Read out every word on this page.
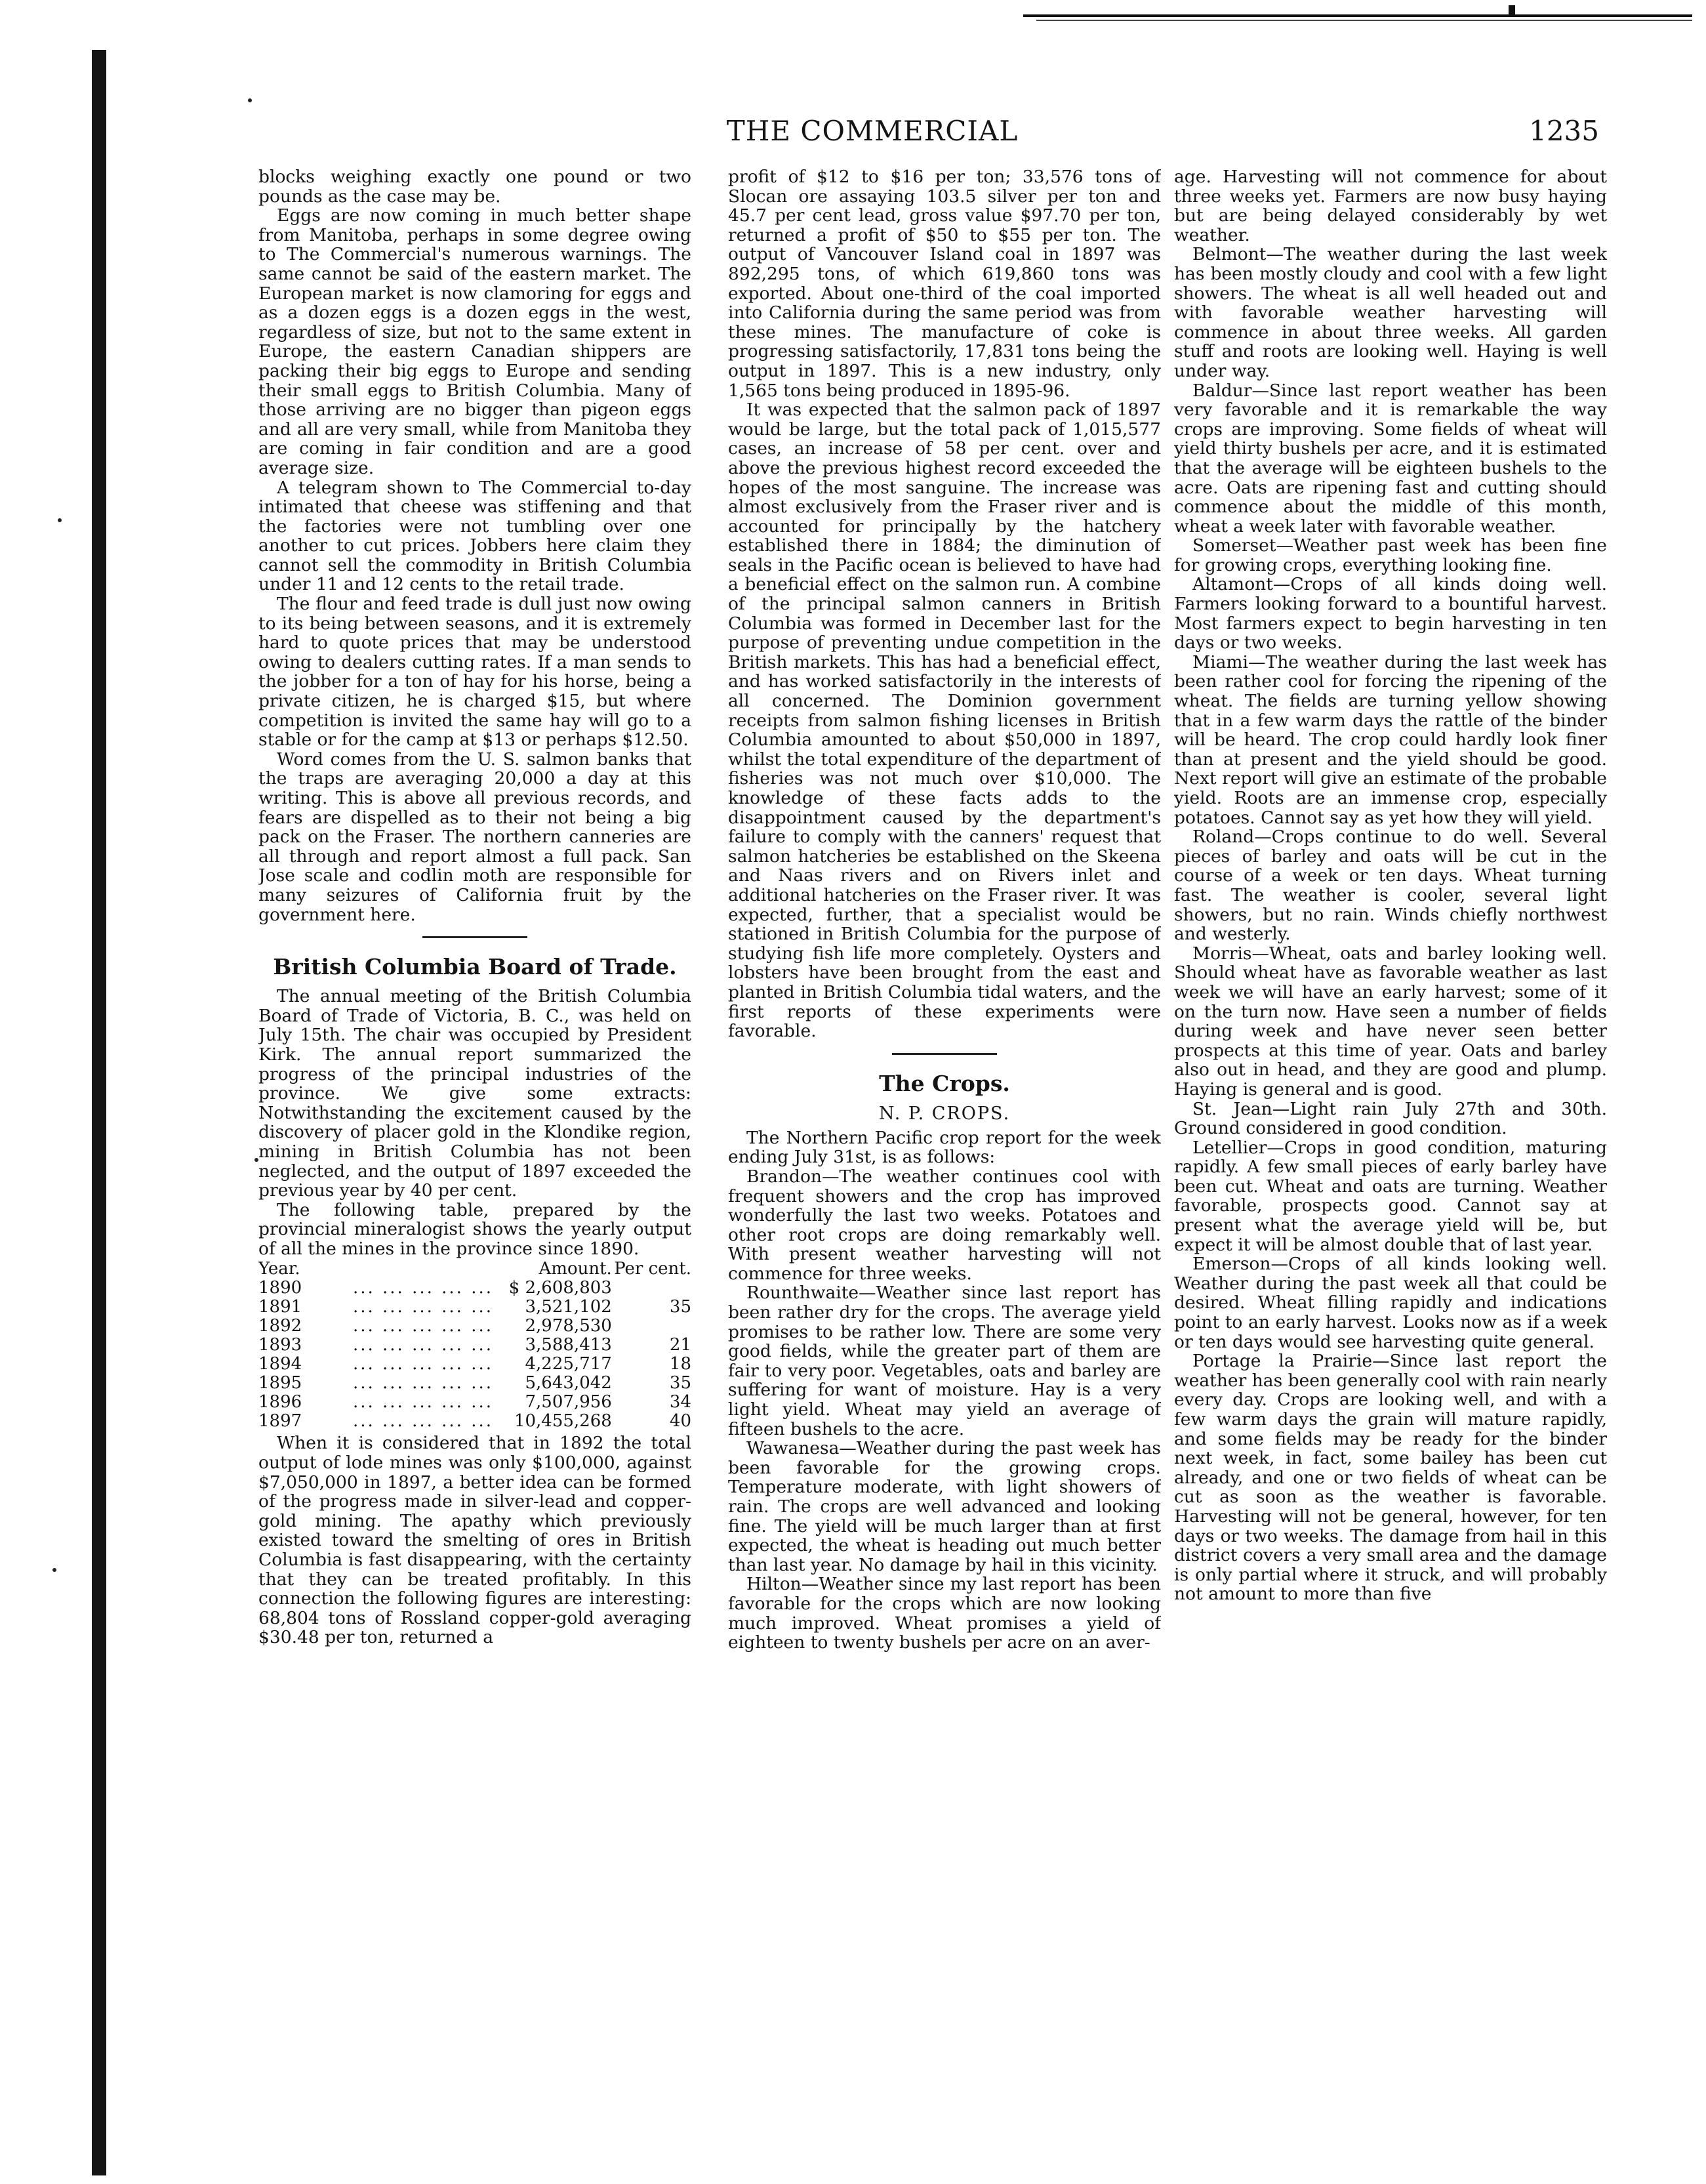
THE COMMERCIAL	1235

blocks weighing exactly one pound or two pounds as the case may be.

Eggs are now coming in much better shape from Manitoba, perhaps in some degree owing to The Commercial's numerous warnings. The same cannot be said of the eastern market. The European market is now clamoring for eggs and as a dozen eggs is a dozen eggs in the west, regardless of size, but not to the same extent in Europe, the eastern Canadian shippers are packing their big eggs to Europe and sending their small eggs to British Columbia. Many of those arriving are no bigger than pigeon eggs and all are very small, while from Manitoba they are coming in fair condition and are a good average size.

A telegram shown to The Commercial to-day intimated that cheese was stiffening and that the factories were not tumbling over one another to cut prices. Jobbers here claim they cannot sell the commodity in British Columbia under 11 and 12 cents to the retail trade.

The flour and feed trade is dull just now owing to its being between seasons, and it is extremely hard to quote prices that may be understood owing to dealers cutting rates. If a man sends to the jobber for a ton of hay for his horse, being a private citizen, he is charged $15, but where competition is invited the same hay will go to a stable or for the camp at $13 or perhaps $12.50.

Word comes from the U. S. salmon banks that the traps are averaging 20,000 a day at this writing. This is above all previous records, and fears are dispelled as to their not being a big pack on the Fraser. The northern canneries are all through and report almost a full pack. San Jose scale and codlin moth are responsible for many seizures of California fruit by the government here.

British Columbia Board of Trade.

The annual meeting of the British Columbia Board of Trade of Victoria, B. C., was held on July 15th. The chair was occupied by President Kirk. The annual report summarized the progress of the principal industries of the province. We give some extracts: Notwithstanding the excitement caused by the discovery of placer gold in the Klondike region, mining in British Columbia has not been neglected, and the output of 1897 exceeded the previous year by 40 per cent.

The following table, prepared by the provincial mineralogist shows the yearly output of all the mines in the province since 1890.

Year.		Amount.	Per cent.
1890	... ... ... ... ...	$ 2,608,803	
1891	... ... ... ... ...	3,521,102	35
1892	... ... ... ... ...	2,978,530	
1893	... ... ... ... ...	3,588,413	21
1894	... ... ... ... ...	4,225,717	18
1895	... ... ... ... ...	5,643,042	35
1896	... ... ... ... ...	7,507,956	34
1897	... ... ... ... ...	10,455,268	40

When it is considered that in 1892 the total output of lode mines was only $100,000, against $7,050,000 in 1897, a better idea can be formed of the progress made in silver-lead and copper-gold mining. The apathy which previously existed toward the smelting of ores in British Columbia is fast disappearing, with the certainty that they can be treated profitably. In this connection the following figures are interesting: 68,804 tons of Rossland copper-gold averaging $30.48 per ton, returned a

profit of $12 to $16 per ton; 33,576 tons of Slocan ore assaying 103.5 silver per ton and 45.7 per cent lead, gross value $97.70 per ton, returned a profit of $50 to $55 per ton. The output of Vancouver Island coal in 1897 was 892,295 tons, of which 619,860 tons was exported. About one-third of the coal imported into California during the same period was from these mines. The manufacture of coke is progressing satisfactorily, 17,831 tons being the output in 1897. This is a new industry, only 1,565 tons being produced in 1895-96.

It was expected that the salmon pack of 1897 would be large, but the total pack of 1,015,577 cases, an increase of 58 per cent. over and above the previous highest record exceeded the hopes of the most sanguine. The increase was almost exclusively from the Fraser river and is accounted for principally by the hatchery established there in 1884; the diminution of seals in the Pacific ocean is believed to have had a beneficial effect on the salmon run. A combine of the principal salmon canners in British Columbia was formed in December last for the purpose of preventing undue competition in the British markets. This has had a beneficial effect, and has worked satisfactorily in the interests of all concerned. The Dominion government receipts from salmon fishing licenses in British Columbia amounted to about $50,000 in 1897, whilst the total expenditure of the department of fisheries was not much over $10,000. The knowledge of these facts adds to the disappointment caused by the department's failure to comply with the canners' request that salmon hatcheries be established on the Skeena and Naas rivers and on Rivers inlet and additional hatcheries on the Fraser river. It was expected, further, that a specialist would be stationed in British Columbia for the purpose of studying fish life more completely. Oysters and lobsters have been brought from the east and planted in British Columbia tidal waters, and the first reports of these experiments were favorable.

The Crops.
N. P. CROPS.

The Northern Pacific crop report for the week ending July 31st, is as follows:

Brandon—The weather continues cool with frequent showers and the crop has improved wonderfully the last two weeks. Potatoes and other root crops are doing remarkably well. With present weather harvesting will not commence for three weeks.

Rounthwaite—Weather since last report has been rather dry for the crops. The average yield promises to be rather low. There are some very good fields, while the greater part of them are fair to very poor. Vegetables, oats and barley are suffering for want of moisture. Hay is a very light yield. Wheat may yield an average of fifteen bushels to the acre.

Wawanesa—Weather during the past week has been favorable for the growing crops. Temperature moderate, with light showers of rain. The crops are well advanced and looking fine. The yield will be much larger than at first expected, the wheat is heading out much better than last year. No damage by hail in this vicinity.

Hilton—Weather since my last report has been favorable for the crops which are now looking much improved. Wheat promises a yield of eighteen to twenty bushels per acre on an aver-

age. Harvesting will not commence for about three weeks yet. Farmers are now busy haying but are being delayed considerably by wet weather.

Belmont—The weather during the last week has been mostly cloudy and cool with a few light showers. The wheat is all well headed out and with favorable weather harvesting will commence in about three weeks. All garden stuff and roots are looking well. Haying is well under way.

Baldur—Since last report weather has been very favorable and it is remarkable the way crops are improving. Some fields of wheat will yield thirty bushels per acre, and it is estimated that the average will be eighteen bushels to the acre. Oats are ripening fast and cutting should commence about the middle of this month, wheat a week later with favorable weather.

Somerset—Weather past week has been fine for growing crops, everything looking fine.

Altamont—Crops of all kinds doing well. Farmers looking forward to a bountiful harvest. Most farmers expect to begin harvesting in ten days or two weeks.

Miami—The weather during the last week has been rather cool for forcing the ripening of the wheat. The fields are turning yellow showing that in a few warm days the rattle of the binder will be heard. The crop could hardly look finer than at present and the yield should be good. Next report will give an estimate of the probable yield. Roots are an immense crop, especially potatoes. Cannot say as yet how they will yield.

Roland—Crops continue to do well. Several pieces of barley and oats will be cut in the course of a week or ten days. Wheat turning fast. The weather is cooler, several light showers, but no rain. Winds chiefly northwest and westerly.

Morris—Wheat, oats and barley looking well. Should wheat have as favorable weather as last week we will have an early harvest; some of it on the turn now. Have seen a number of fields during week and have never seen better prospects at this time of year. Oats and barley also out in head, and they are good and plump. Haying is general and is good.

St. Jean—Light rain July 27th and 30th. Ground considered in good condition.

Letellier—Crops in good condition, maturing rapidly. A few small pieces of early barley have been cut. Wheat and oats are turning. Weather favorable, prospects good. Cannot say at present what the average yield will be, but expect it will be almost double that of last year.

Emerson—Crops of all kinds looking well. Weather during the past week all that could be desired. Wheat filling rapidly and indications point to an early harvest. Looks now as if a week or ten days would see harvesting quite general.

Portage la Prairie—Since last report the weather has been generally cool with rain nearly every day. Crops are looking well, and with a few warm days the grain will mature rapidly, and some fields may be ready for the binder next week, in fact, some bailey has been cut already, and one or two fields of wheat can be cut as soon as the weather is favorable. Harvesting will not be general, however, for ten days or two weeks. The damage from hail in this district covers a very small area and the damage is only partial where it struck, and will probably not amount to more than five
